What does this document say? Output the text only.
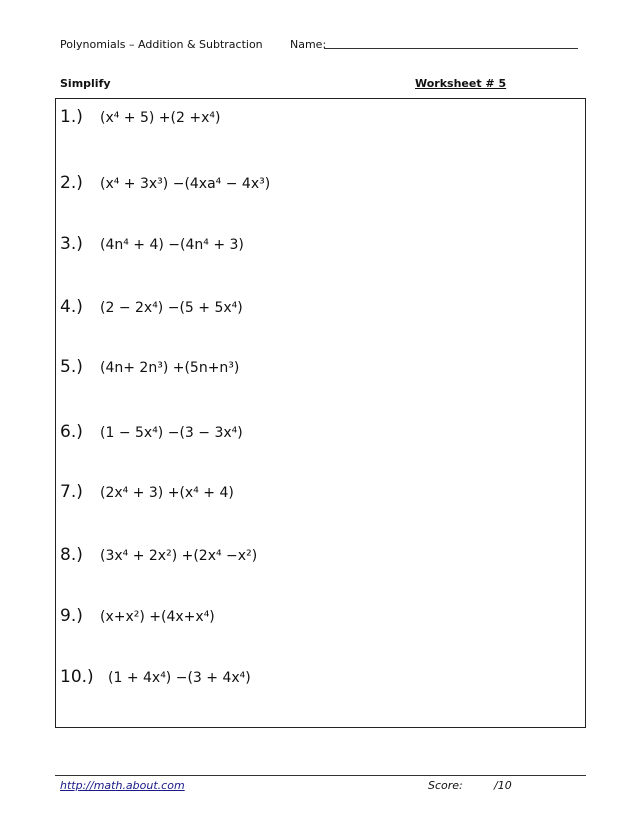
Polynomials – Addition & Subtraction Name:
Simplify	Worksheet # 5
1.)	(x⁴ + 5) +(2 +x⁴)
2.)	(x⁴ + 3x³) −(4xa⁴ − 4x³)
3.)	(4n⁴ + 4) −(4n⁴ + 3)
4.)	(2 − 2x⁴) −(5 + 5x⁴)
5.)	(4n+ 2n³) +(5n+n³)
6.)	(1 − 5x⁴) −(3 − 3x⁴)
7.)	(2x⁴ + 3) +(x⁴ + 4)
8.)	(3x⁴ + 2x²) +(2x⁴ −x²)
9.)	(x+x²) +(4x+x⁴)
10.)	(1 + 4x⁴) −(3 + 4x⁴)
http://math.about.com	Score:	/10
